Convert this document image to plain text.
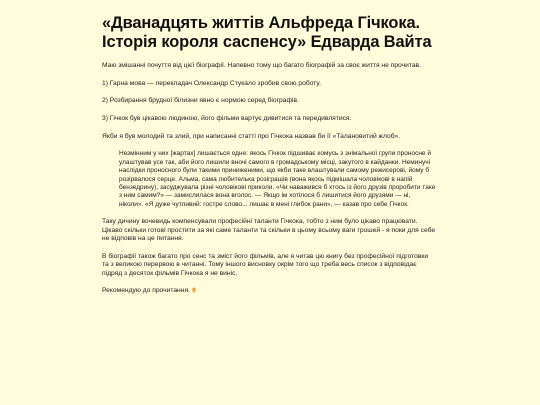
«Дванадцять життів Альфреда Гічкока. Історія короля саспенсу» Едварда Вайта

Маю змішанні почуття від цієї біографії. Напевно тому що багато біографій за своє життя не прочитав.

1) Гарна мова — перекладач Олександр Стукало зробив свою роботу.

2) Розбирання брудної білизни явно є нормою серед біографів.

3) Гічкок був цікавою людиною, його фільми вартує дивитися та передивлятися.

Якби я був молодий та злий, при написанні статті про Гічкока назвав би її «Талановитий жлоб».

Незмінним у них [жартах] лишається одне: якось Гічкок підшиває комусь з знімальної групи проносне й улаштував усе так, аби його лишили вночі самого в громадському місці, закутого в кайданки. Неминучі наслідки проносного були такими приниженими, що якби таке влаштували самому режисерові, йому б розірвалося серце. Альма, сама любителька розіграшів (вона якось підмішала чоловікові в напій бензедрину), засуджувала різні чоловікові приколи. «Чи наважився б хтось із його друзів проробити таке з ним самим?» — замислилася вона вголос. — Якщо ім хотілося б лишитися його друзями — ні, ніколи». «Я дуже чутливий: гостре слово... лишає в мені глибок рани», — казав про себе Гічкок.

Таку дичину вочевидь компенсували професійні таланти Гічкока, тобто з ним було цікаво працювати. Цікаво скільки готові простити за які саме таланти та скільки в цьому всьому ваги грошей - я поки для себе не відповів на це питання.

В біографії також багато про сенс та зміст його фільмів, але я читав цю книгу без професійної підготовки та з великою перервою в читанні. Тому іншого висновку окрім того що треба весь список з відповідає підряд з десяток фільмів Гічкока я не виніс.

Рекомендую до прочитання.
